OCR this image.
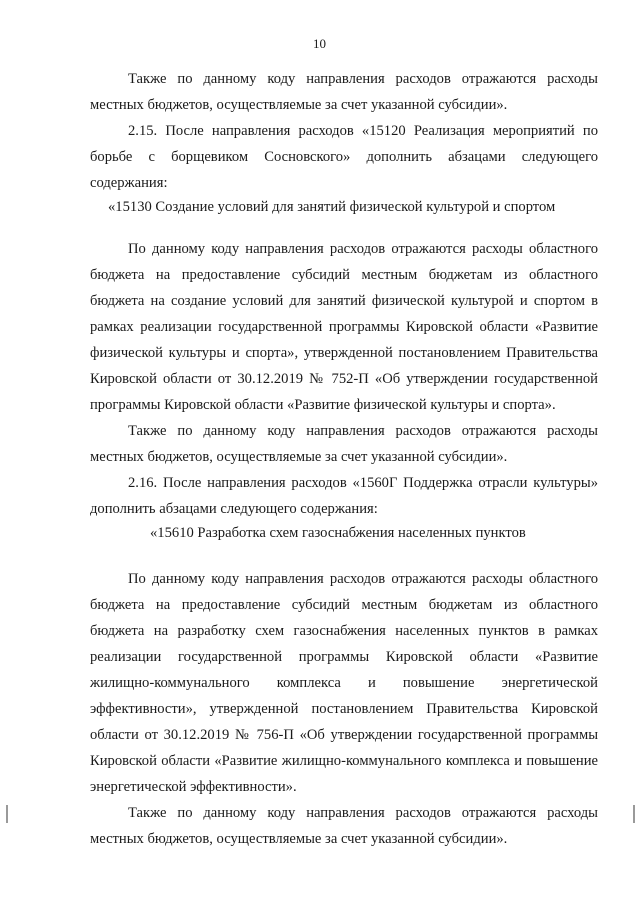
10

Также по данному коду направления расходов отражаются расходы местных бюджетов, осуществляемые за счет указанной субсидии».

2.15. После направления расходов «15120 Реализация мероприятий по борьбе с борщевиком Сосновского» дополнить абзацами следующего содержания:

«15130 Создание условий для занятий физической культурой и спортом

По данному коду направления расходов отражаются расходы областного бюджета на предоставление субсидий местным бюджетам из областного бюджета на создание условий для занятий физической культурой и спортом в рамках реализации государственной программы Кировской области «Развитие физической культуры и спорта», утвержденной постановлением Правительства Кировской области от 30.12.2019 № 752-П «Об утверждении государственной программы Кировской области «Развитие физической культуры и спорта».

Также по данному коду направления расходов отражаются расходы местных бюджетов, осуществляемые за счет указанной субсидии».

2.16. После направления расходов «1560Г Поддержка отрасли культуры» дополнить абзацами следующего содержания:

«15610 Разработка схем газоснабжения населенных пунктов

По данному коду направления расходов отражаются расходы областного бюджета на предоставление субсидий местным бюджетам из областного бюджета на разработку схем газоснабжения населенных пунктов в рамках реализации государственной программы Кировской области «Развитие жилищно-коммунального комплекса и повышение энергетической эффективности», утвержденной постановлением Правительства Кировской области от 30.12.2019 № 756-П «Об утверждении государственной программы Кировской области «Развитие жилищно-коммунального комплекса и повышение энергетической эффективности».

Также по данному коду направления расходов отражаются расходы местных бюджетов, осуществляемые за счет указанной субсидии».
